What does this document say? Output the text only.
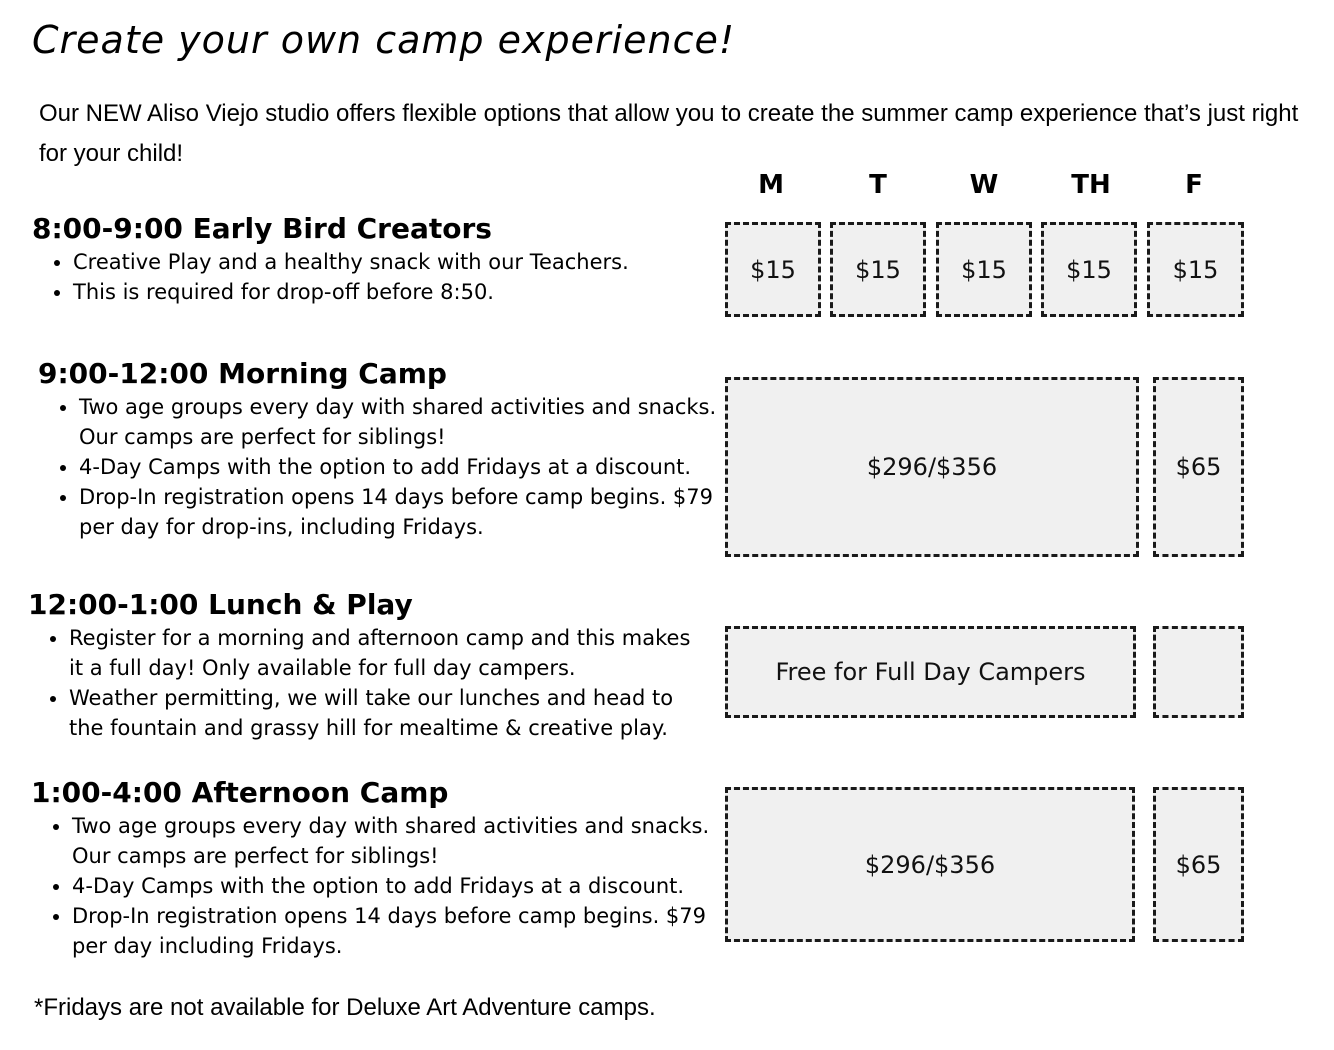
Create your own camp experience!
Our NEW Aliso Viejo studio offers flexible options that allow you to create the summer camp experience that’s just right for your child!
M	T	W	TH	F
8:00-9:00 Early Bird Creators
• Creative Play and a healthy snack with our Teachers.
• This is required for drop-off before 8:50.
$15	$15	$15	$15	$15
9:00-12:00 Morning Camp
• Two age groups every day with shared activities and snacks. Our camps are perfect for siblings!
• 4-Day Camps with the option to add Fridays at a discount.
• Drop-In registration opens 14 days before camp begins. $79 per day for drop-ins, including Fridays.
$296/$356	$65
12:00-1:00 Lunch & Play
• Register for a morning and afternoon camp and this makes it a full day! Only available for full day campers.
• Weather permitting, we will take our lunches and head to the fountain and grassy hill for mealtime & creative play.
Free for Full Day Campers
1:00-4:00 Afternoon Camp
• Two age groups every day with shared activities and snacks. Our camps are perfect for siblings!
• 4-Day Camps with the option to add Fridays at a discount.
• Drop-In registration opens 14 days before camp begins. $79 per day including Fridays.
$296/$356	$65
*Fridays are not available for Deluxe Art Adventure camps.
